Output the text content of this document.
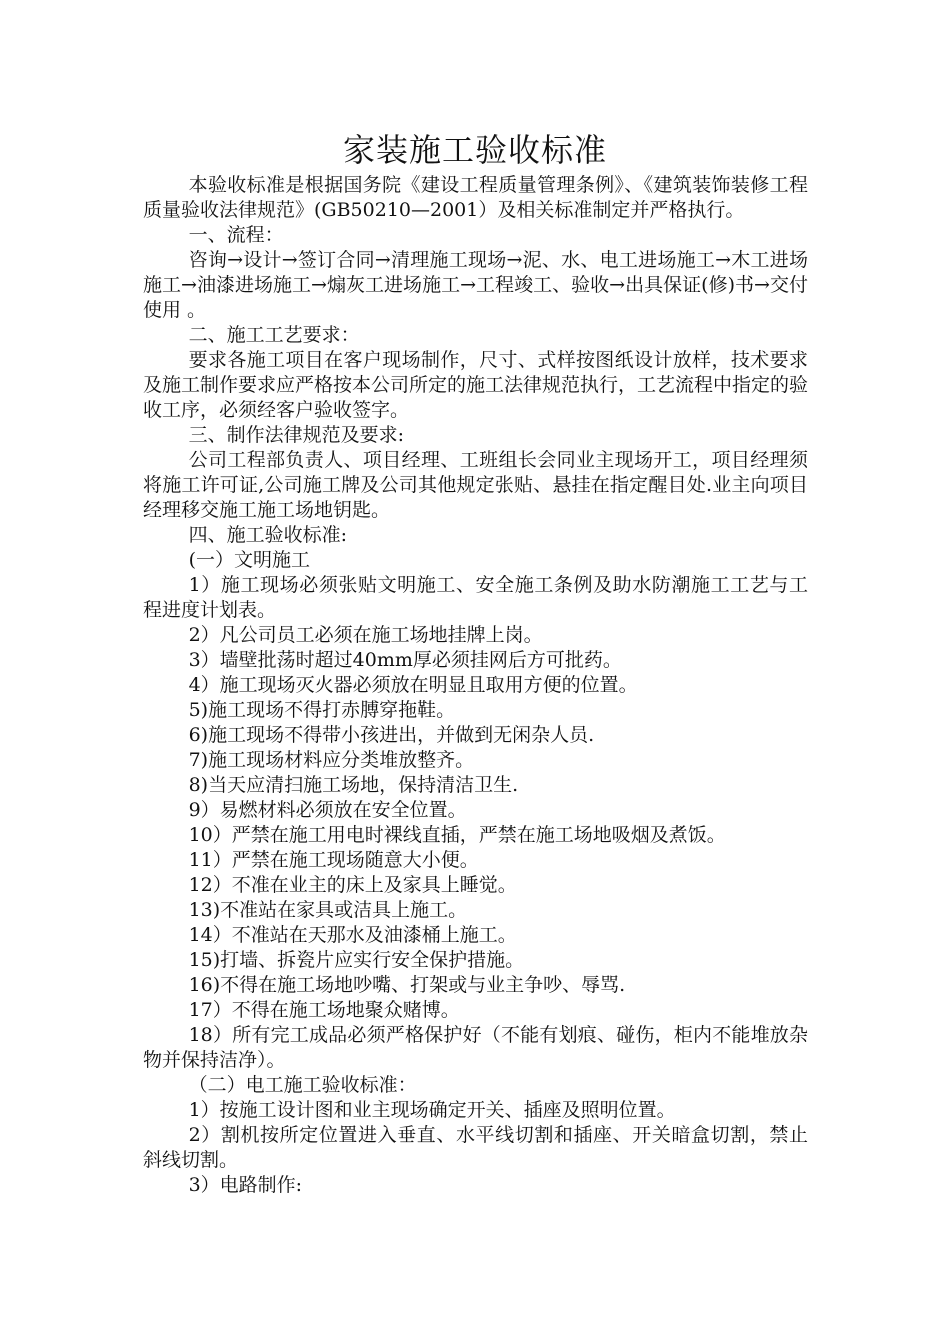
家装施工验收标准

本验收标准是根据国务院《建设工程质量管理条例》、《建筑装饰装修工程质量验收法律规范》(GB50210—2001）及相关标准制定并严格执行。

一、流程：

咨询→设计→签订合同→清理施工现场→泥、水、电工进场施工→木工进场施工→油漆进场施工→煽灰工进场施工→工程竣工、验收→出具保证(修)书→交付使用 。

二、施工工艺要求：

要求各施工项目在客户现场制作，尺寸、式样按图纸设计放样，技术要求及施工制作要求应严格按本公司所定的施工法律规范执行，工艺流程中指定的验收工序，必须经客户验收签字。

三、制作法律规范及要求:

公司工程部负责人、项目经理、工班组长会同业主现场开工，项目经理须将施工许可证,公司施工牌及公司其他规定张贴、悬挂在指定醒目处.业主向项目经理移交施工施工场地钥匙。

四、施工验收标准:

(一）文明施工

1）施工现场必须张贴文明施工、安全施工条例及助水防潮施工工艺与工程进度计划表。

2）凡公司员工必须在施工场地挂牌上岗。

3）墙壁批荡时超过40mm厚必须挂网后方可批药。

4）施工现场灭火器必须放在明显且取用方便的位置。

5)施工现场不得打赤膊穿拖鞋。

6)施工现场不得带小孩进出，并做到无闲杂人员.

7)施工现场材料应分类堆放整齐。

8)当天应清扫施工场地，保持清洁卫生.

9）易燃材料必须放在安全位置。

10）严禁在施工用电时裸线直插，严禁在施工场地吸烟及煮饭。

11）严禁在施工现场随意大小便。

12）不准在业主的床上及家具上睡觉。

13)不准站在家具或洁具上施工。

14）不准站在天那水及油漆桶上施工。

15)打墙、拆瓷片应实行安全保护措施。

16)不得在施工场地吵嘴、打架或与业主争吵、辱骂.

17）不得在施工场地聚众赌博。

18）所有完工成品必须严格保护好（不能有划痕、碰伤，柜内不能堆放杂物并保持洁净）。

（二）电工施工验收标准：

1）按施工设计图和业主现场确定开关、插座及照明位置。

2）割机按所定位置进入垂直、水平线切割和插座、开关暗盒切割，禁止斜线切割。

3）电路制作:
